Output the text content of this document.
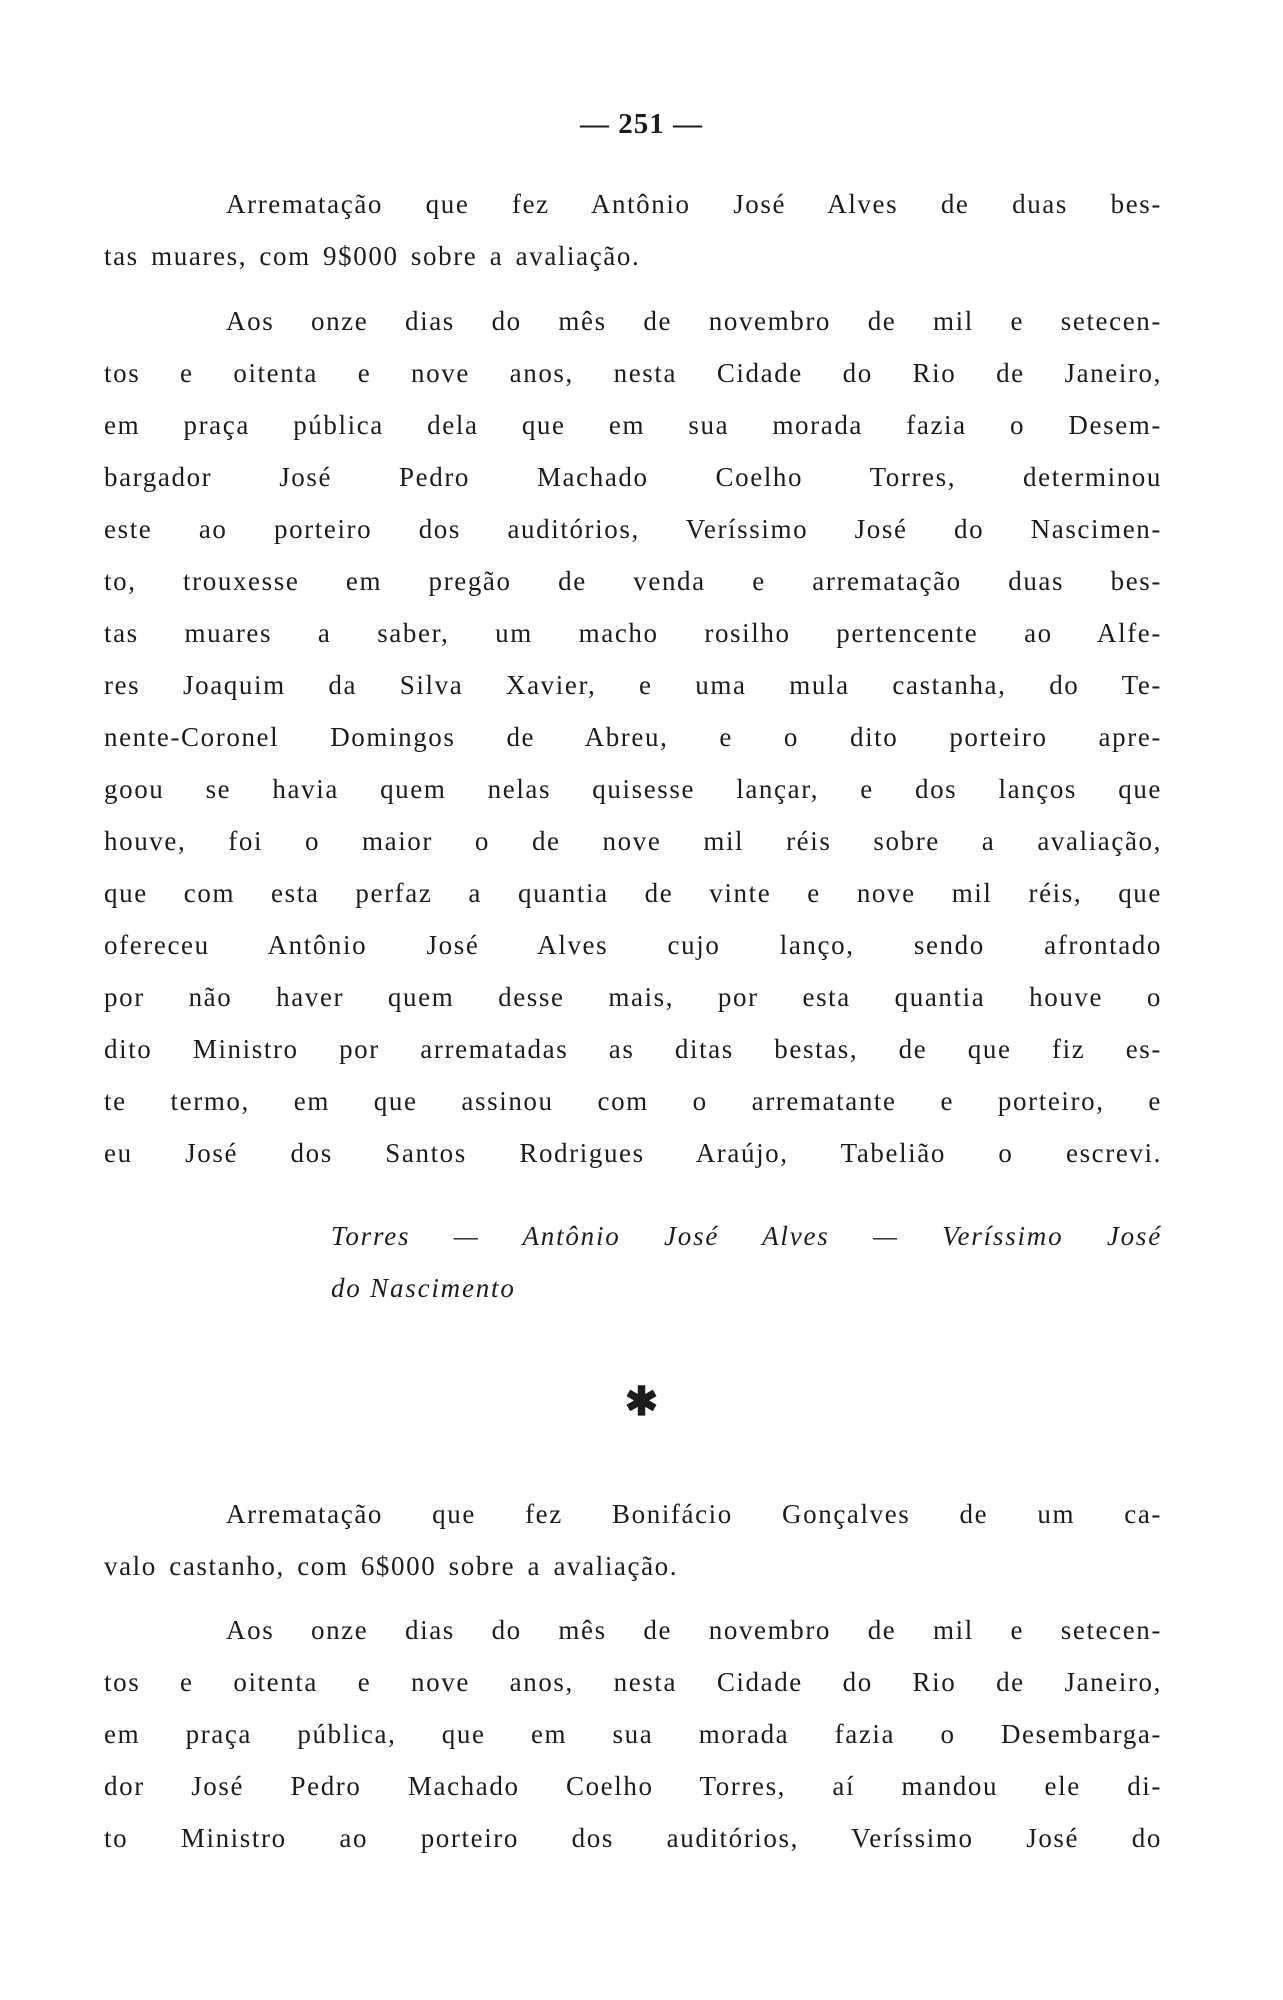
— 251 —
Arrematação que fez Antônio José Alves de duas bes-
tas muares, com 9$000 sobre a avaliação.
Aos onze dias do mês de novembro de mil e setecen-
tos e oitenta e nove anos, nesta Cidade do Rio de Janeiro,
em praça pública dela que em sua morada fazia o Desem-
bargador José Pedro Machado Coelho Torres, determinou
este ao porteiro dos auditórios, Veríssimo José do Nascimen-
to, trouxesse em pregão de venda e arrematação duas bes-
tas muares a saber, um macho rosilho pertencente ao Alfe-
res Joaquim da Silva Xavier, e uma mula castanha, do Te-
nente-Coronel Domingos de Abreu, e o dito porteiro apre-
goou se havia quem nelas quisesse lançar, e dos lanços que
houve, foi o maior o de nove mil réis sobre a avaliação,
que com esta perfaz a quantia de vinte e nove mil réis, que
ofereceu Antônio José Alves cujo lanço, sendo afrontado
por não haver quem desse mais, por esta quantia houve o
dito Ministro por arrematadas as ditas bestas, de que fiz es-
te termo, em que assinou com o arrematante e porteiro, e
eu José dos Santos Rodrigues Araújo, Tabelião o escrevi.
Torres — Antônio José Alves — Veríssimo José
do Nascimento
✱
Arrematação que fez Bonifácio Gonçalves de um ca-
valo castanho, com 6$000 sobre a avaliação.
Aos onze dias do mês de novembro de mil e setecen-
tos e oitenta e nove anos, nesta Cidade do Rio de Janeiro,
em praça pública, que em sua morada fazia o Desembarga-
dor José Pedro Machado Coelho Torres, aí mandou ele di-
to Ministro ao porteiro dos auditórios, Veríssimo José do
